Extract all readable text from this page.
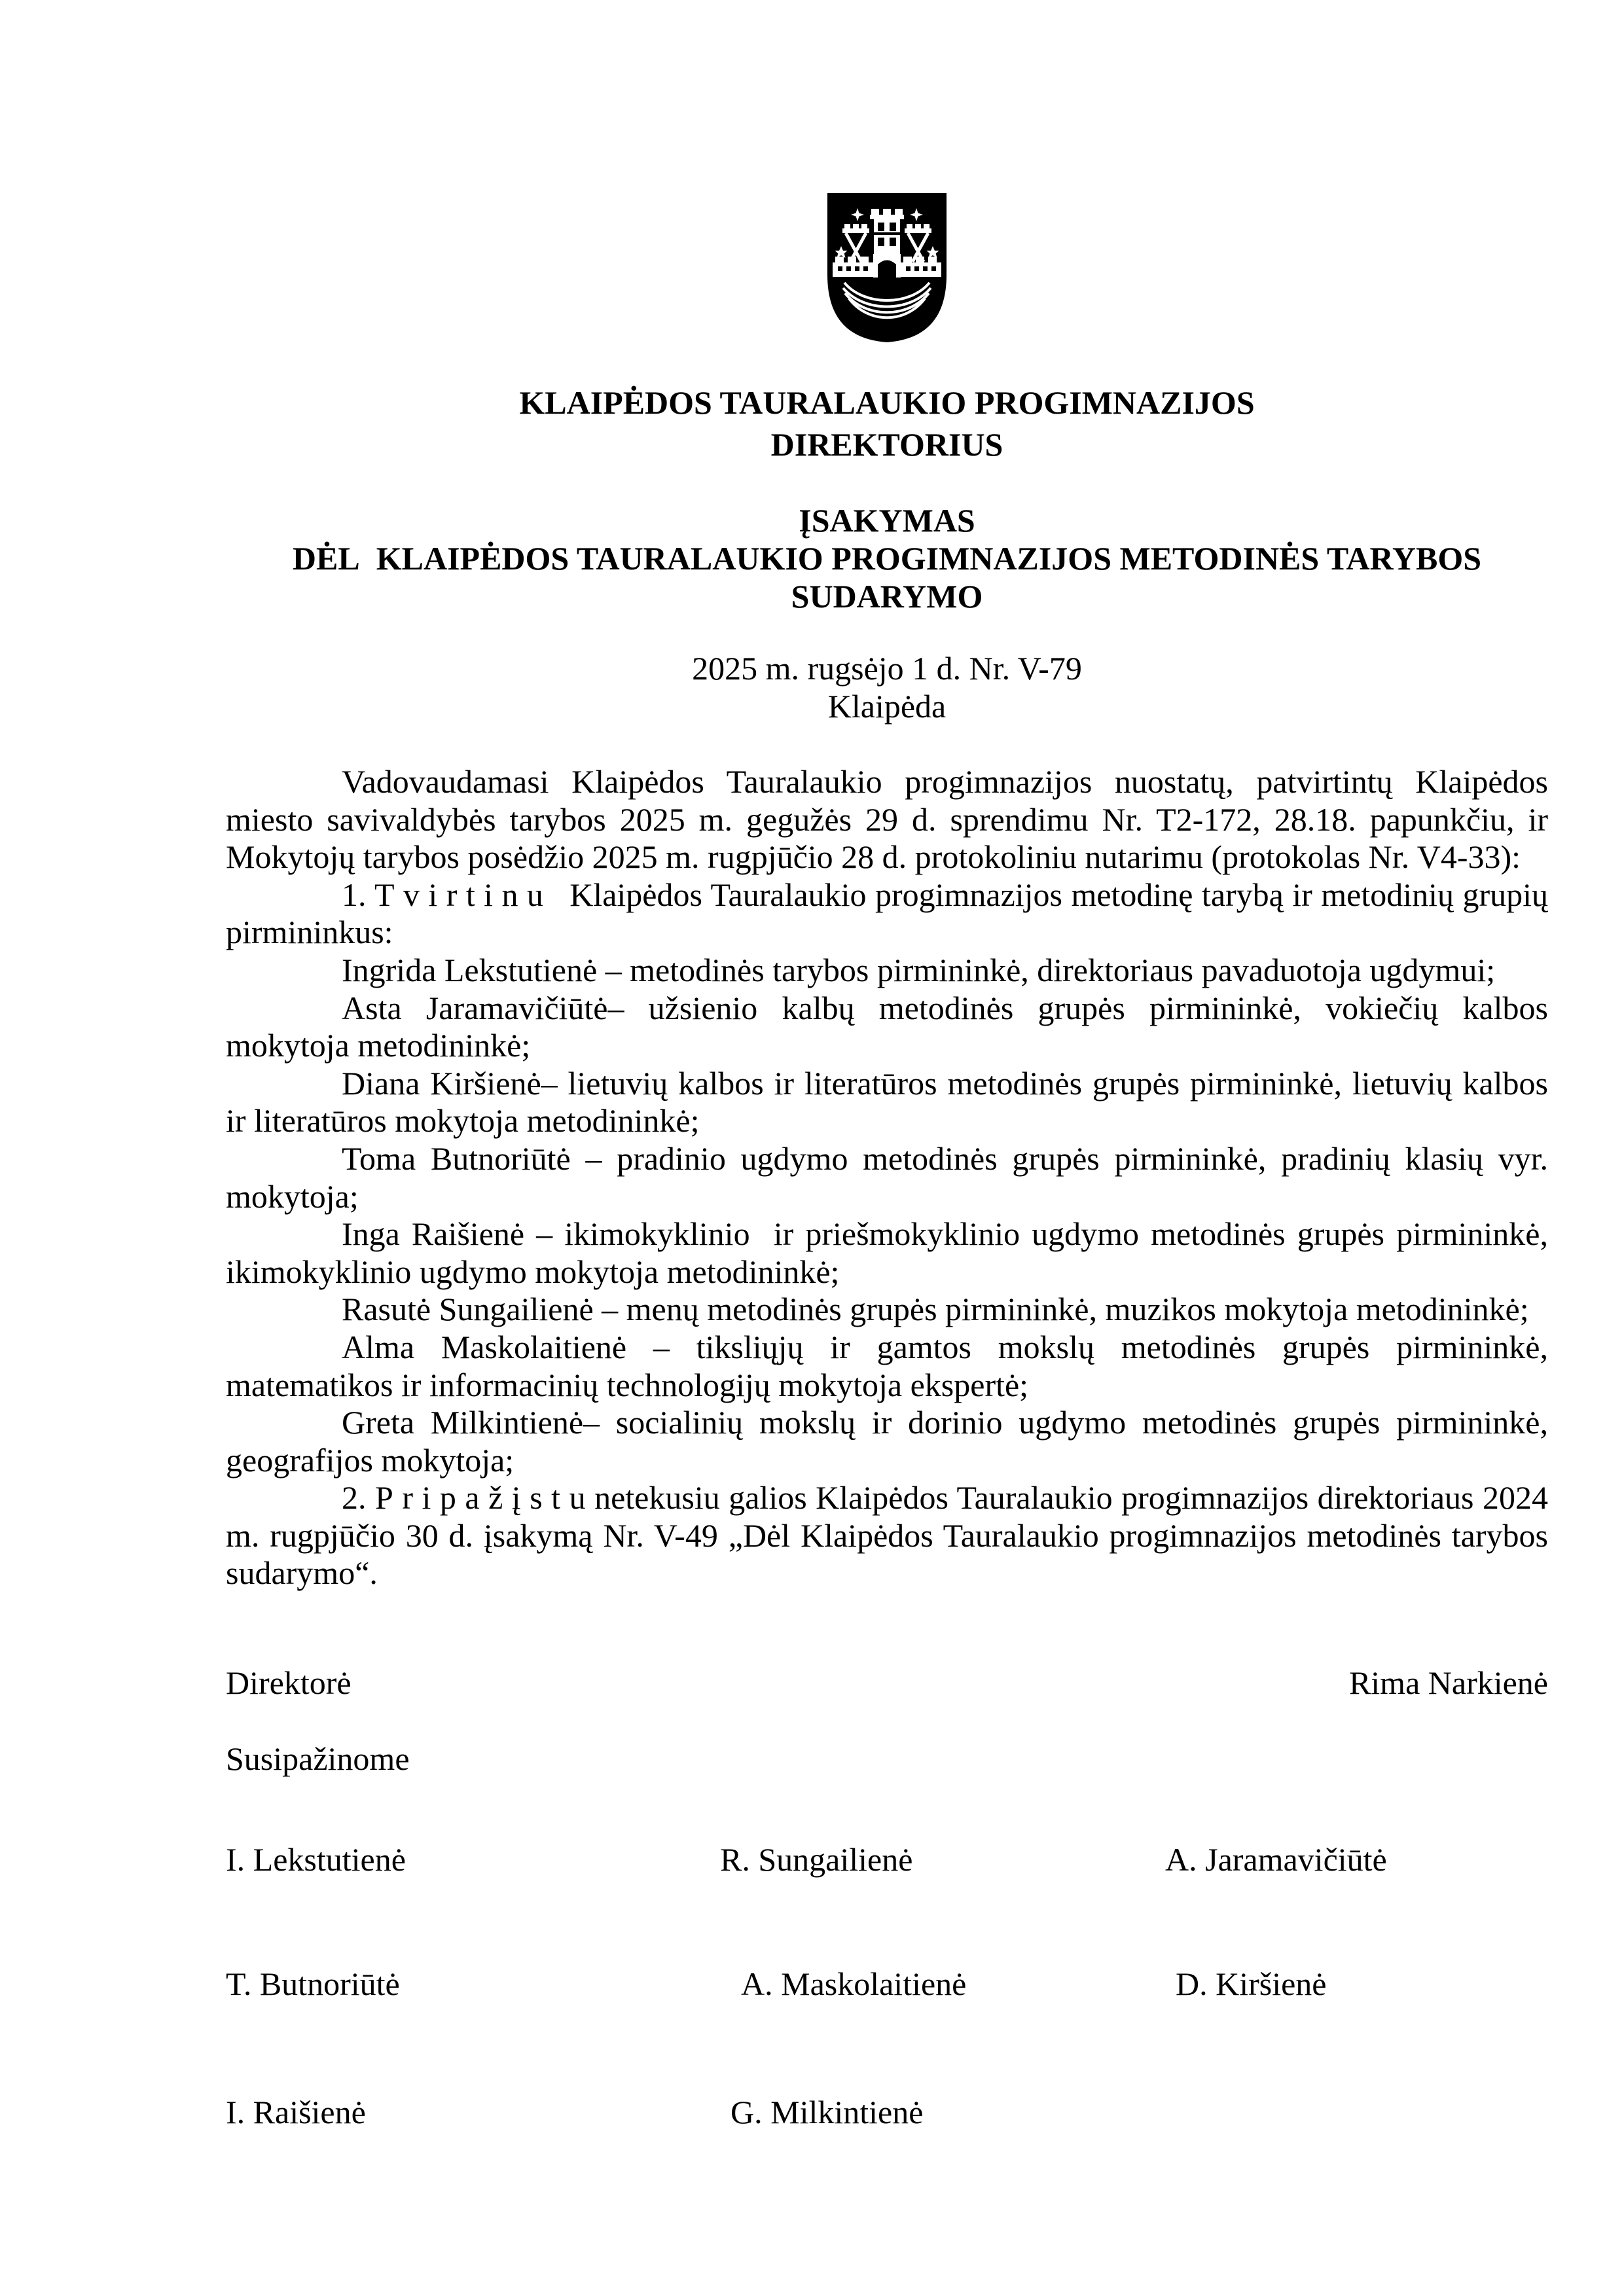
KLAIPĖDOS TAURALAUKIO PROGIMNAZIJOS
DIREKTORIUS
ĮSAKYMAS
DĖL  KLAIPĖDOS TAURALAUKIO PROGIMNAZIJOS METODINĖS TARYBOS
SUDARYMO
2025 m. rugsėjo 1 d. Nr. V-79
Klaipėda

Vadovaudamasi Klaipėdos Tauralaukio progimnazijos nuostatų, patvirtintų Klaipėdos miesto savivaldybės tarybos 2025 m. gegužės 29 d. sprendimu Nr. T2-172, 28.18. papunkčiu, ir Mokytojų tarybos posėdžio 2025 m. rugpjūčio 28 d. protokoliniu nutarimu (protokolas Nr. V4-33):

1. T v i r t i n u   Klaipėdos Tauralaukio progimnazijos metodinę tarybą ir metodinių grupių pirmininkus:

Ingrida Lekstutienė – metodinės tarybos pirmininkė, direktoriaus pavaduotoja ugdymui;

Asta Jaramavičiūtė– užsienio kalbų metodinės grupės pirmininkė, vokiečių kalbos mokytoja metodininkė;

Diana Kiršienė– lietuvių kalbos ir literatūros metodinės grupės pirmininkė, lietuvių kalbos ir literatūros mokytoja metodininkė;

Toma Butnoriūtė – pradinio ugdymo metodinės grupės pirmininkė, pradinių klasių vyr. mokytoja;

Inga Raišienė – ikimokyklinio  ir priešmokyklinio ugdymo metodinės grupės pirmininkė, ikimokyklinio ugdymo mokytoja metodininkė;

Rasutė Sungailienė – menų metodinės grupės pirmininkė, muzikos mokytoja metodininkė;

Alma Maskolaitienė – tiksliųjų ir gamtos mokslų metodinės grupės pirmininkė, matematikos ir informacinių technologijų mokytoja ekspertė;

Greta Milkintienė– socialinių mokslų ir dorinio ugdymo metodinės grupės pirmininkė, geografijos mokytoja;

2. P r i p a ž į s t u netekusiu galios Klaipėdos Tauralaukio progimnazijos direktoriaus 2024 m. rugpjūčio 30 d. įsakymą Nr. V-49 „Dėl Klaipėdos Tauralaukio progimnazijos metodinės tarybos sudarymo“.

Direktorė	Rima Narkienė
Susipažinome
I. Lekstutienė	R. Sungailienė	A. Jaramavičiūtė
T. Butnoriūtė	A. Maskolaitienė	D. Kiršienė
I. Raišienė	G. Milkintienė
